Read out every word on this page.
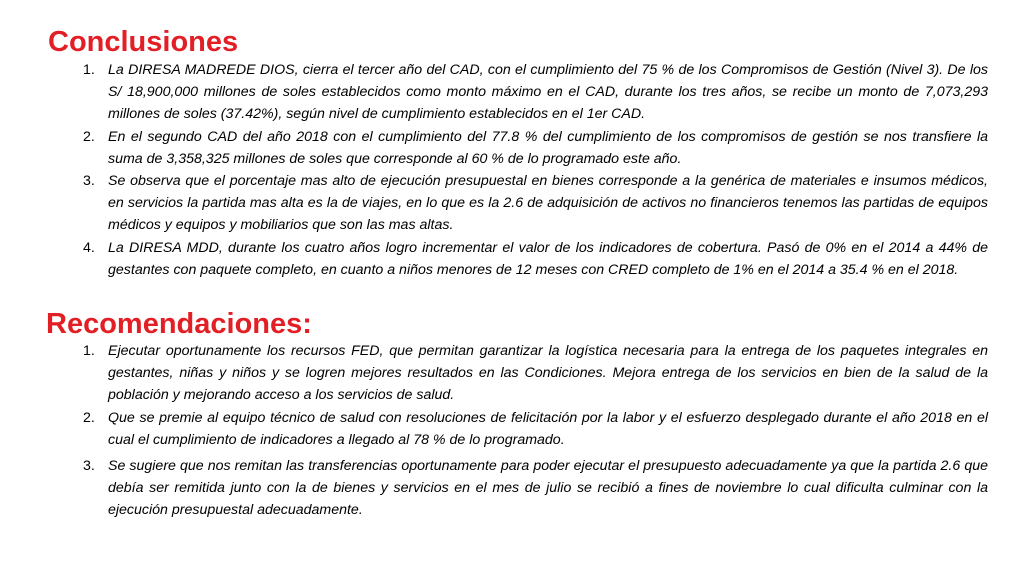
Conclusiones
1. La DIRESA MADREDE DIOS, cierra el tercer año del CAD, con el cumplimiento del 75 % de los Compromisos de Gestión (Nivel 3). De los S/ 18,900,000 millones de soles establecidos como monto máximo en el CAD, durante los tres años, se recibe un monto de 7,073,293 millones de soles (37.42%), según nivel de cumplimiento establecidos en el 1er CAD.
2. En el segundo CAD del año 2018 con el cumplimiento del 77.8 % del cumplimiento de los compromisos de gestión se nos transfiere la suma de 3,358,325 millones de soles que corresponde al 60 % de lo programado este año.
3. Se observa que el porcentaje mas alto de ejecución presupuestal en bienes corresponde a la genérica de materiales e insumos médicos, en servicios la partida mas alta es la de viajes, en lo que es la 2.6 de adquisición de activos no financieros tenemos las partidas de equipos médicos y equipos y mobiliarios que son las mas altas.
4. La DIRESA MDD, durante los cuatro años logro incrementar el valor de los indicadores de cobertura. Pasó de 0% en el 2014 a 44% de gestantes con paquete completo, en cuanto a niños menores de 12 meses con CRED completo de 1% en el 2014 a 35.4 % en el 2018.
Recomendaciones:
1. Ejecutar oportunamente los recursos FED, que permitan garantizar la logística necesaria para la entrega de los paquetes integrales en gestantes, niñas y niños y se logren mejores resultados en las Condiciones. Mejora entrega de los servicios en bien de la salud de la población y mejorando acceso a los servicios de salud.
2. Que se premie al equipo técnico de salud con resoluciones de felicitación por la labor y el esfuerzo desplegado durante el año 2018 en el cual el cumplimiento de indicadores a llegado al 78 % de lo programado.
3. Se sugiere que nos remitan las transferencias oportunamente para poder ejecutar el presupuesto adecuadamente ya que la partida 2.6 que debía ser remitida junto con la de bienes y servicios en el mes de julio se recibió a fines de noviembre lo cual dificulta culminar con la ejecución presupuestal adecuadamente.
